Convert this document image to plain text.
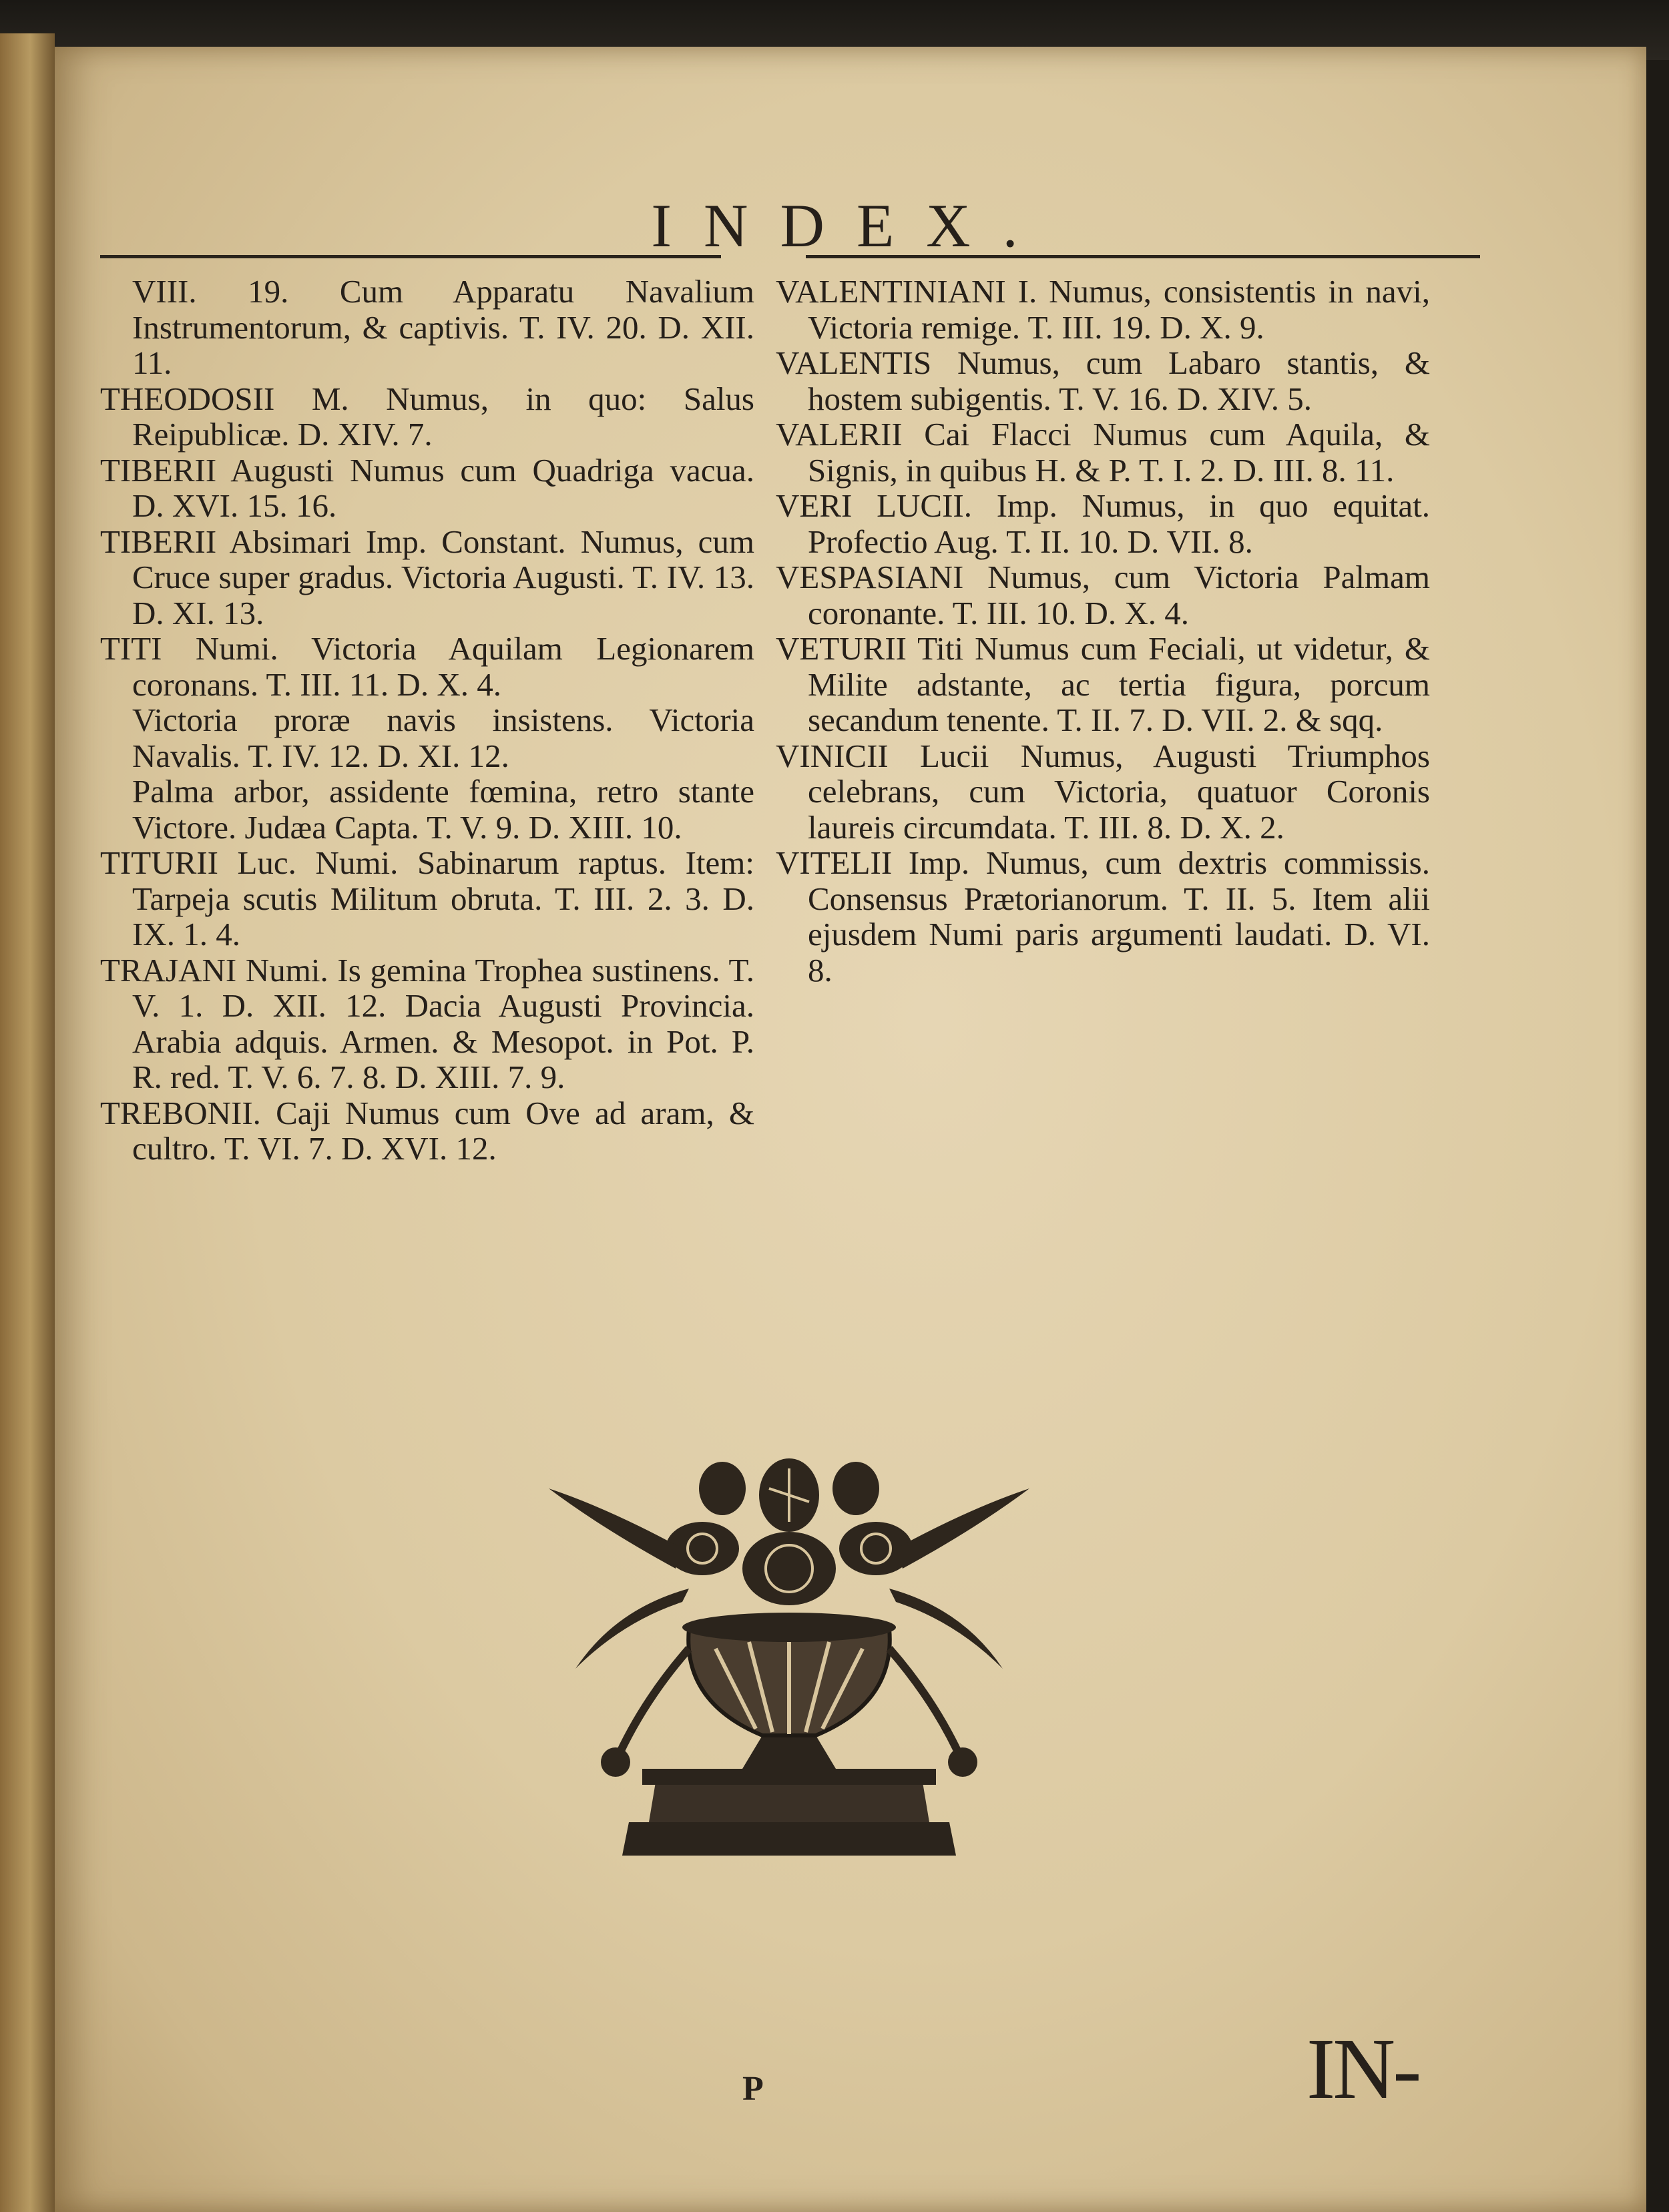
INDEX.

VIII. 19. Cum Apparatu Navalium Instrumentorum, & captivis. T. IV. 20. D. XII. 11.

THEODOSII M. Numus, in quo: Salus Reipublicæ. D. XIV. 7.

TIBERII Augusti Numus cum Quadriga vacua. D. XVI. 15. 16.

TIBERII Absimari Imp. Constant. Numus, cum Cruce super gradus. Victoria Augusti. T. IV. 13. D. XI. 13.

TITI Numi. Victoria Aquilam Legionarem coronans. T. III. 11. D. X. 4.

Victoria proræ navis insistens. Victoria Navalis. T. IV. 12. D. XI. 12.

Palma arbor, assidente fœmina, retro stante Victore. Judæa Capta. T. V. 9. D. XIII. 10.

TITURII Luc. Numi. Sabinarum raptus. Item: Tarpeja scutis Militum obruta. T. III. 2. 3. D. IX. 1. 4.

TRAJANI Numi. Is gemina Trophea sustinens. T. V. 1. D. XII. 12. Dacia Augusti Provincia. Arabia adquis. Armen. & Mesopot. in Pot. P. R. red. T. V. 6. 7. 8. D. XIII. 7. 9.

TREBONII. Caji Numus cum Ove ad aram, & cultro. T. VI. 7. D. XVI. 12.

VALENTINIANI I. Numus, consistentis in navi, Victoria remige. T. III. 19. D. X. 9.

VALENTIS Numus, cum Labaro stantis, & hostem subigentis. T. V. 16. D. XIV. 5.

VALERII Cai Flacci Numus cum Aquila, & Signis, in quibus H. & P. T. I. 2. D. III. 8. 11.

VERI LUCII. Imp. Numus, in quo equitat. Profectio Aug. T. II. 10. D. VII. 8.

VESPASIANI Numus, cum Victoria Palmam coronante. T. III. 10. D. X. 4.

VETURII Titi Numus cum Feciali, ut videtur, & Milite adstante, ac tertia figura, porcum secandum tenente. T. II. 7. D. VII. 2. & sqq.

VINICII Lucii Numus, Augusti Triumphos celebrans, cum Victoria, quatuor Coronis laureis circumdata. T. III. 8. D. X. 2.

VITELII Imp. Numus, cum dextris commissis. Consensus Prætorianorum. T. II. 5. Item alii ejusdem Numi paris argumenti laudati. D. VI. 8.

P	IN-
